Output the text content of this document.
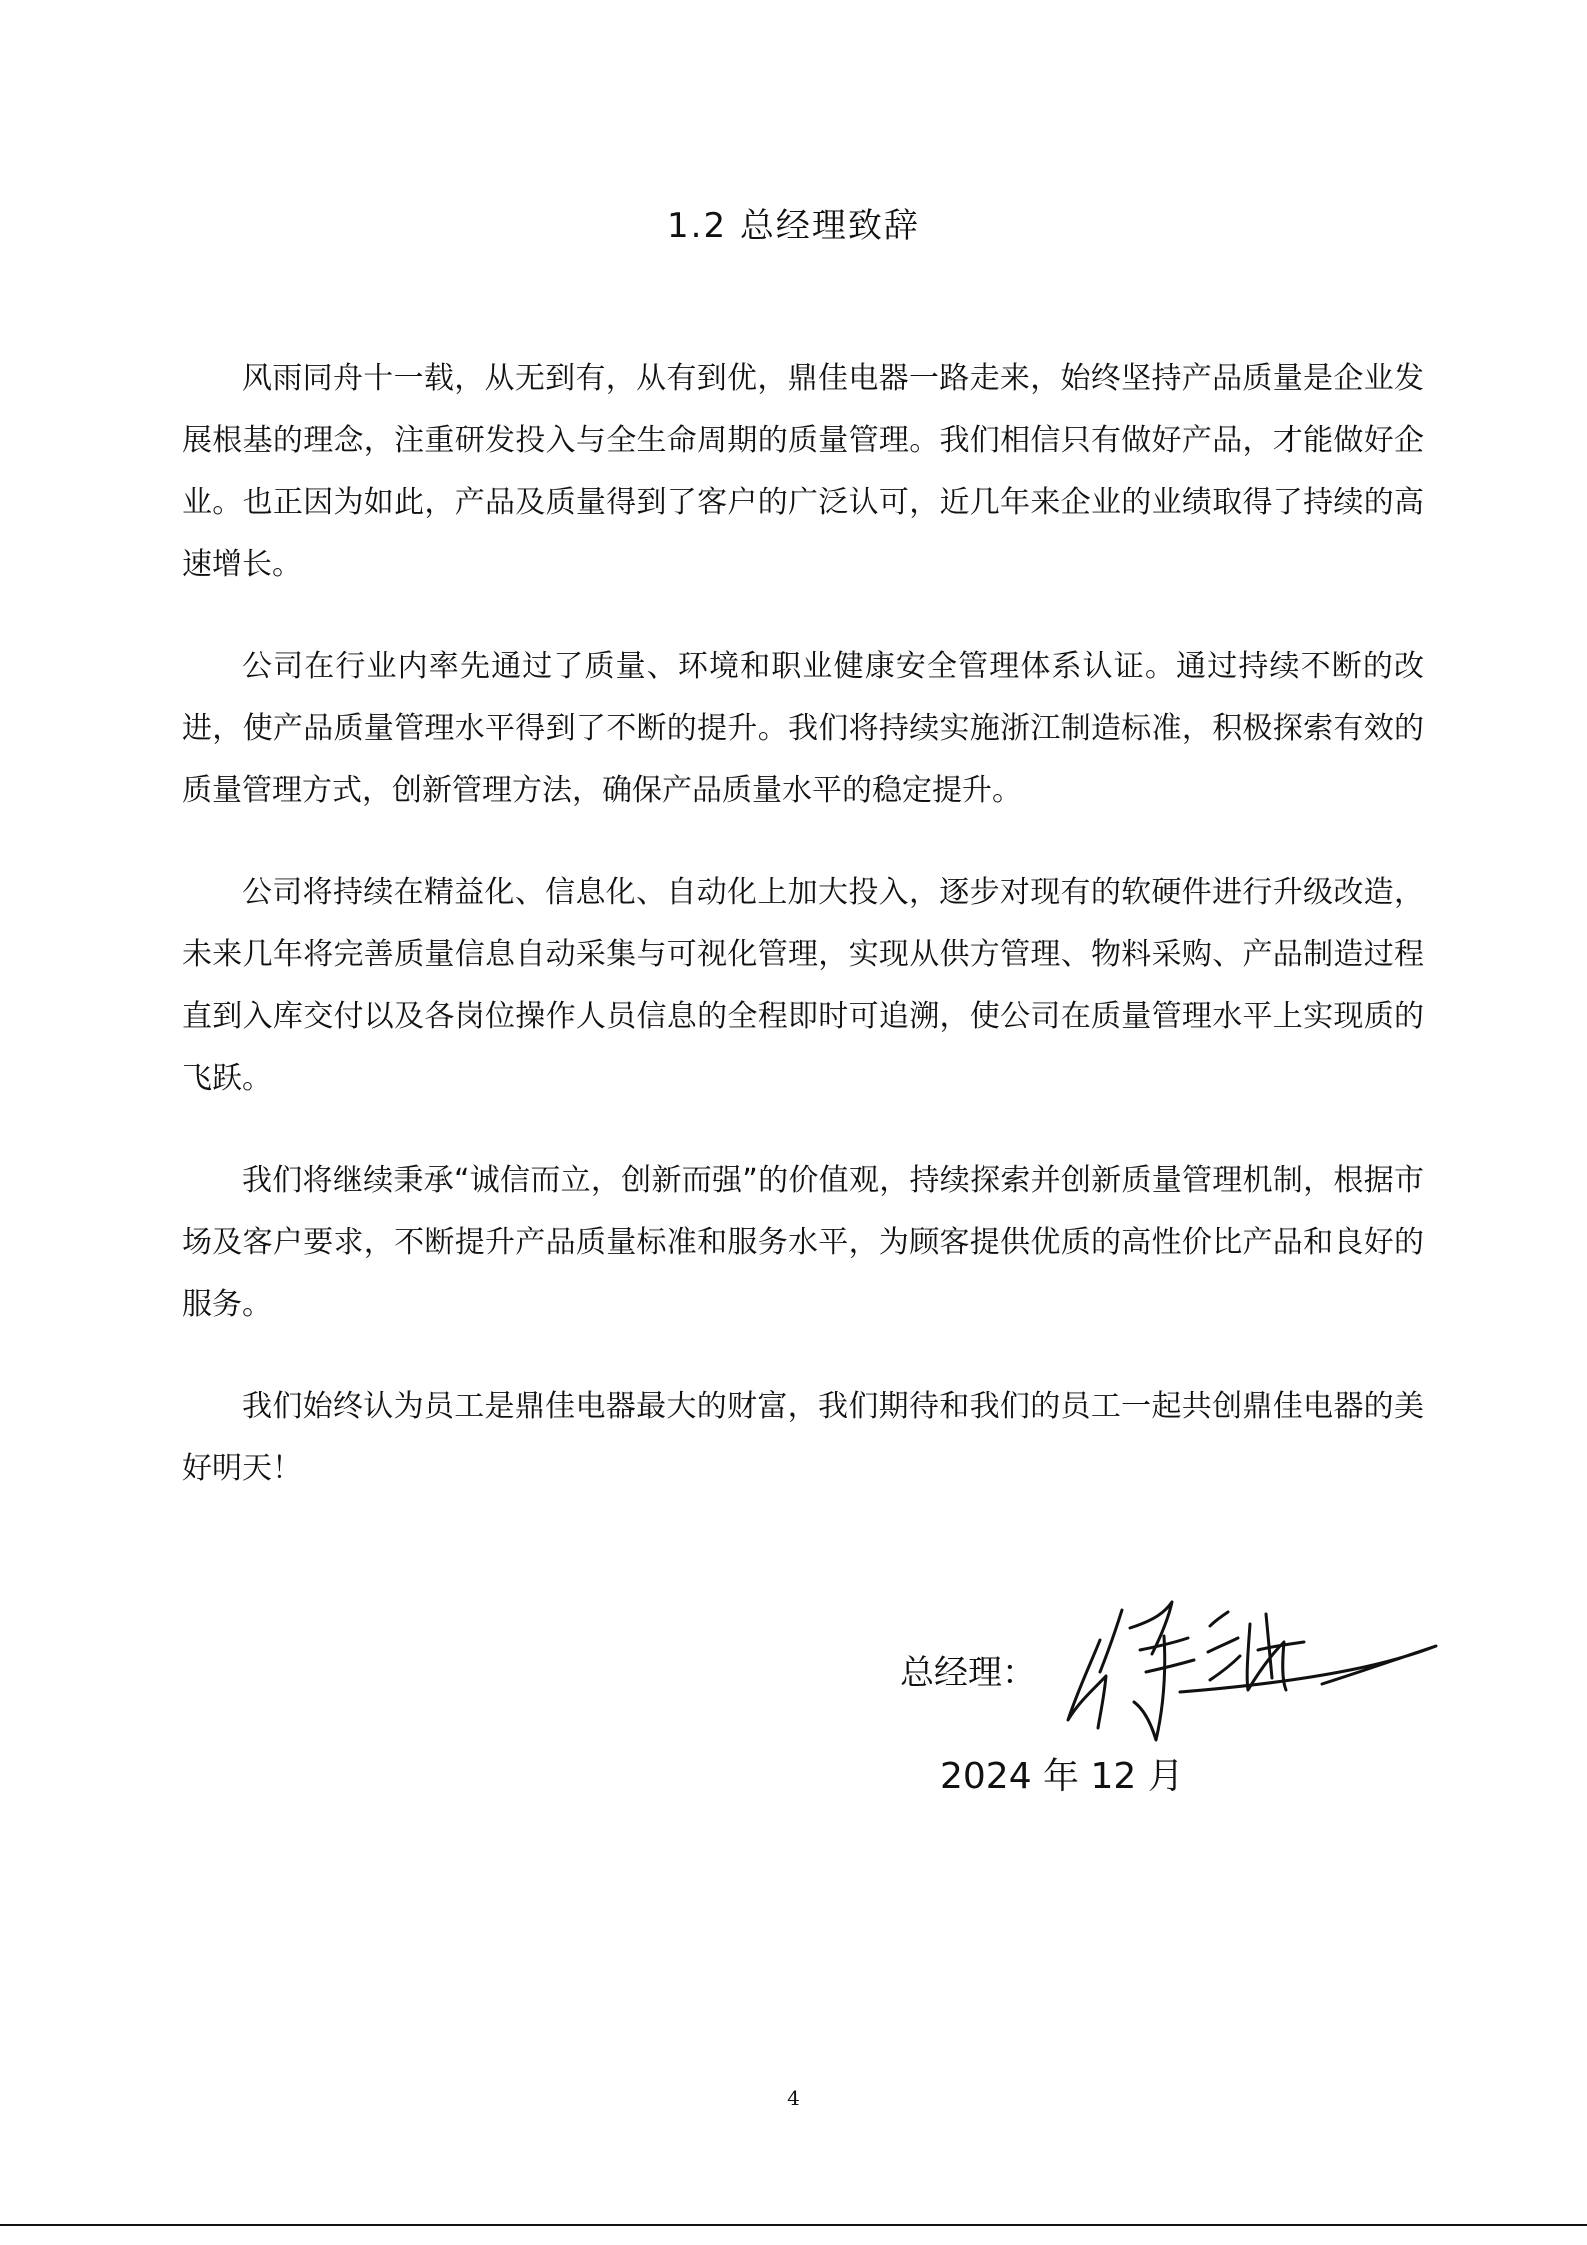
1.2 总经理致辞

风雨同舟十一载，从无到有，从有到优，鼎佳电器一路走来，始终坚持产品质量是企业发展根基的理念，注重研发投入与全生命周期的质量管理。我们相信只有做好产品，才能做好企业。也正因为如此，产品及质量得到了客户的广泛认可，近几年来企业的业绩取得了持续的高速增长。

公司在行业内率先通过了质量、环境和职业健康安全管理体系认证。通过持续不断的改进，使产品质量管理水平得到了不断的提升。我们将持续实施浙江制造标准，积极探索有效的质量管理方式，创新管理方法，确保产品质量水平的稳定提升。

公司将持续在精益化、信息化、自动化上加大投入，逐步对现有的软硬件进行升级改造，未来几年将完善质量信息自动采集与可视化管理，实现从供方管理、物料采购、产品制造过程直到入库交付以及各岗位操作人员信息的全程即时可追溯，使公司在质量管理水平上实现质的飞跃。

我们将继续秉承“诚信而立，创新而强”的价值观，持续探索并创新质量管理机制，根据市场及客户要求，不断提升产品质量标准和服务水平，为顾客提供优质的高性价比产品和良好的服务。

我们始终认为员工是鼎佳电器最大的财富，我们期待和我们的员工一起共创鼎佳电器的美好明天！

总经理：
2024 年 12 月
4
